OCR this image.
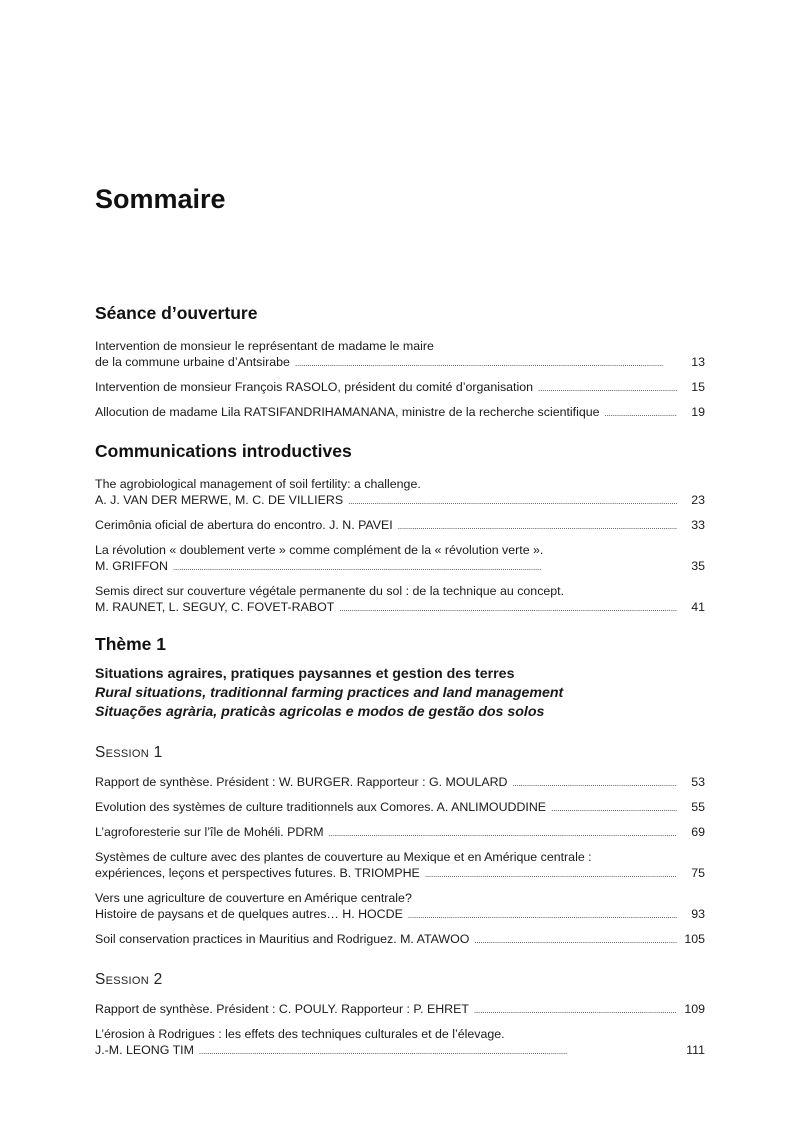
Sommaire
Séance d’ouverture
Intervention de monsieur le représentant de madame le maire
de la commune urbaine d’Antsirabe . . .	13
Intervention de monsieur François RASOLO, président du comité d’organisation . . .	15
Allocution de madame Lila RATSIFANDRIHAMANANA, ministre de la recherche scientifique . . .	19
Communications introductives
The agrobiological management of soil fertility: a challenge.
A. J. VAN DER MERWE, M. C. DE VILLIERS . . .	23
Cerimônia oficial de abertura do encontro. J. N. PAVEI . . .	33
La révolution « doublement verte » comme complément de la « révolution verte ».
M. GRIFFON . . .	35
Semis direct sur couverture végétale permanente du sol : de la technique au concept.
M. RAUNET, L. SEGUY, C. FOVET-RABOT . . .	41
Thème 1
Situations agraires, pratiques paysannes et gestion des terres
Rural situations, traditionnal farming practices and land management
Situações agrària, praticàs agricolas e modos de gestão dos solos
Session 1
Rapport de synthèse. Président : W. BURGER. Rapporteur : G. MOULARD . . .	53
Evolution des systèmes de culture traditionnels aux Comores. A. ANLIMOUDDINE . . .	55
L’agroforesterie sur l’île de Mohéli. PDRM . . .	69
Systèmes de culture avec des plantes de couverture au Mexique et en Amérique centrale :
expériences, leçons et perspectives futures. B. TRIOMPHE . . .	75
Vers une agriculture de couverture en Amérique centrale?
Histoire de paysans et de quelques autres… H. HOCDE . . .	93
Soil conservation practices in Mauritius and Rodriguez. M. ATAWOO . . .	105
Session 2
Rapport de synthèse. Président : C. POULY. Rapporteur : P. EHRET . . .	109
L’érosion à Rodrigues : les effets des techniques culturales et de l’élevage.
J.-M. LEONG TIM . . .	111
